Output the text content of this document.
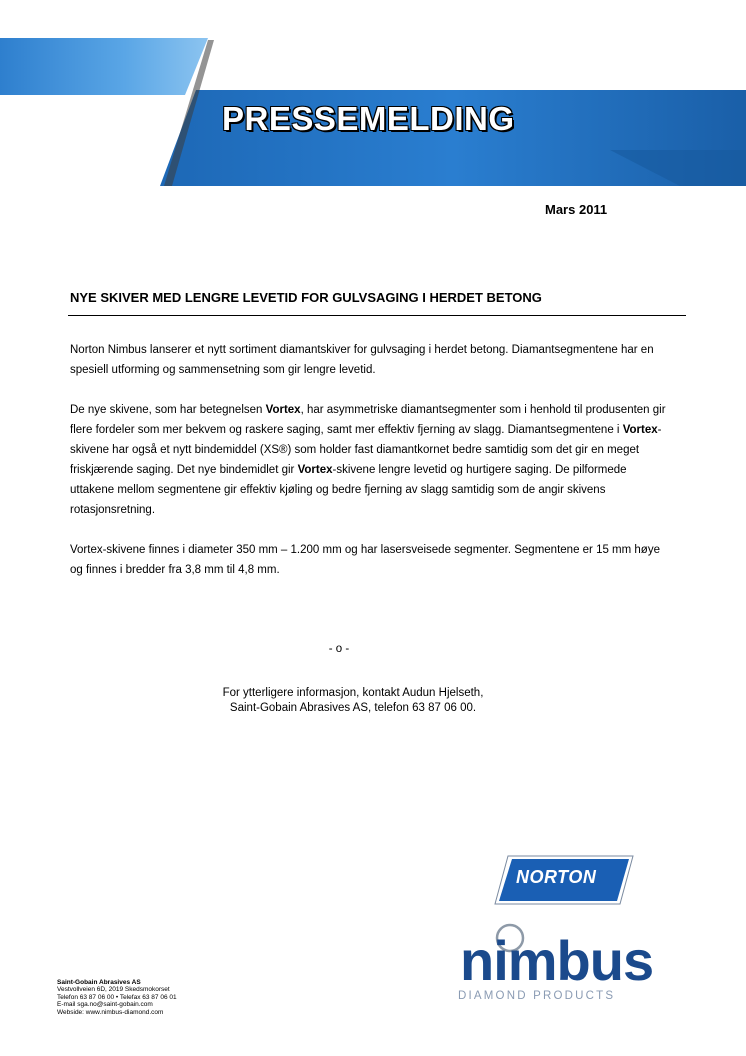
PRESSEMELDING
Mars 2011
NYE SKIVER MED LENGRE LEVETID FOR GULVSAGING I HERDET BETONG

Norton Nimbus lanserer et nytt sortiment diamantskiver for gulvsaging i herdet betong. Diamantsegmentene har en spesiell utforming og sammensetning som gir lengre levetid.

De nye skivene, som har betegnelsen Vortex, har asymmetriske diamantsegmenter som i henhold til produsenten gir flere fordeler som mer bekvem og raskere saging, samt mer effektiv fjerning av slagg. Diamantsegmentene i Vortex-skivene har også et nytt bindemiddel (XS®) som holder fast diamantkornet bedre samtidig som det gir en meget friskjærende saging. Det nye bindemidlet gir Vortex-skivene lengre levetid og hurtigere saging. De pilformede uttakene mellom segmentene gir effektiv kjøling og bedre fjerning av slagg samtidig som de angir skivens rotasjonsretning.

Vortex-skivene finnes i diameter 350 mm – 1.200 mm og har lasersveisede segmenter. Segmentene er 15 mm høye og finnes i bredder fra 3,8 mm til 4,8 mm.

- o -
For ytterligere informasjon, kontakt Audun Hjelseth,
Saint-Gobain Abrasives AS, telefon 63 87 06 00.
Saint-Gobain Abrasives AS
Vestvollveien 6D, 2019 Skedsmokorset
Telefon 63 87 06 00 • Telefax 63 87 06 01
E-mail sga.no@saint-gobain.com
Webside: www.nimbus-diamond.com
NORTON
nimbus
DIAMOND PRODUCTS
